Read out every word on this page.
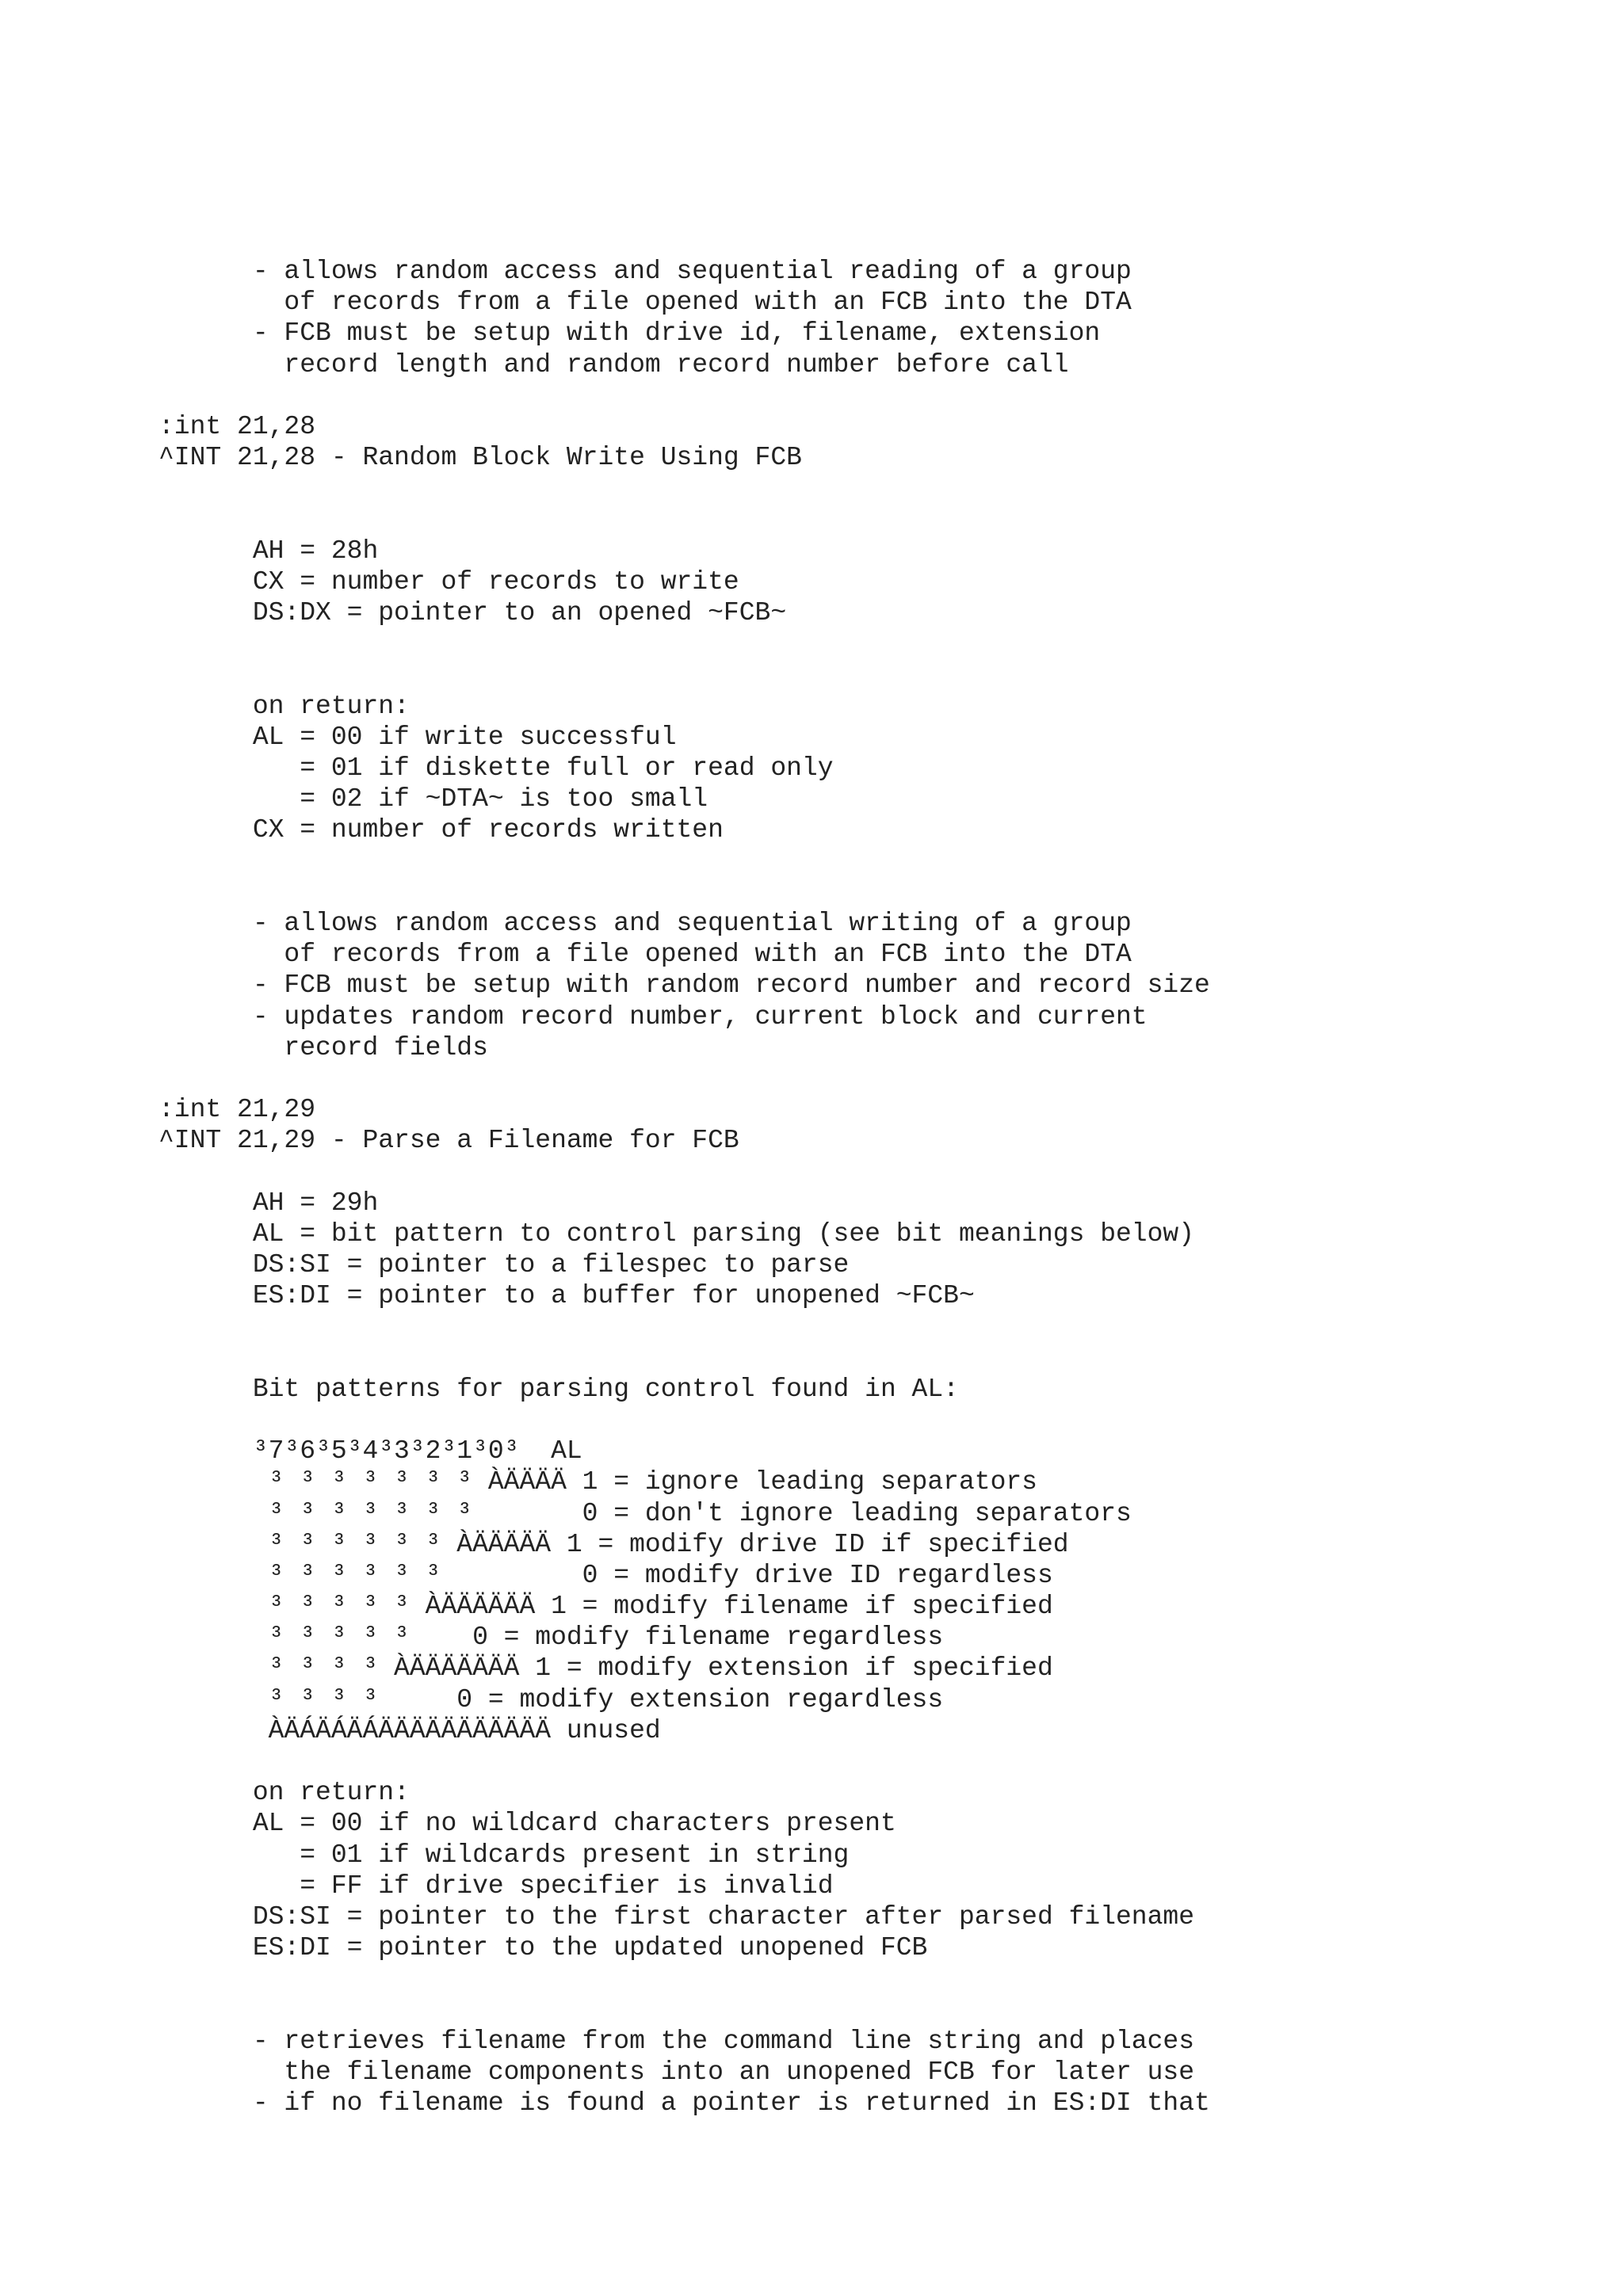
- allows random access and sequential reading of a group
of records from a file opened with an FCB into the DTA
- FCB must be setup with drive id, filename, extension
record length and random record number before call
:int 21,28
^INT 21,28 - Random Block Write Using FCB
AH = 28h
CX = number of records to write
DS:DX = pointer to an opened ~FCB~
on return:
AL = 00 if write successful
= 01 if diskette full or read only
= 02 if ~DTA~ is too small
CX = number of records written
- allows random access and sequential writing of a group
of records from a file opened with an FCB into the DTA
- FCB must be setup with random record number and record size
- updates random record number, current block and current
record fields
:int 21,29
^INT 21,29 - Parse a Filename for FCB
AH = 29h
AL = bit pattern to control parsing (see bit meanings below)
DS:SI = pointer to a filespec to parse
ES:DI = pointer to a buffer for unopened ~FCB~
Bit patterns for parsing control found in AL:
³7³6³5³4³3³2³1³0³  AL
³ ³ ³ ³ ³ ³ ³ ÀÄÄÄÄ 1 = ignore leading separators
³ ³ ³ ³ ³ ³ ³       0 = don't ignore leading separators
³ ³ ³ ³ ³ ³ ÀÄÄÄÄÄ 1 = modify drive ID if specified
³ ³ ³ ³ ³ ³         0 = modify drive ID regardless
³ ³ ³ ³ ³ ÀÄÄÄÄÄÄ 1 = modify filename if specified
³ ³ ³ ³ ³    0 = modify filename regardless
³ ³ ³ ³ ÀÄÄÄÄÄÄÄ 1 = modify extension if specified
³ ³ ³ ³     0 = modify extension regardless
ÀÄÁÄÁÄÁÄÄÄÄÄÄÄÄÄÄÄ unused
on return:
AL = 00 if no wildcard characters present
= 01 if wildcards present in string
= FF if drive specifier is invalid
DS:SI = pointer to the first character after parsed filename
ES:DI = pointer to the updated unopened FCB
- retrieves filename from the command line string and places
the filename components into an unopened FCB for later use
- if no filename is found a pointer is returned in ES:DI that
